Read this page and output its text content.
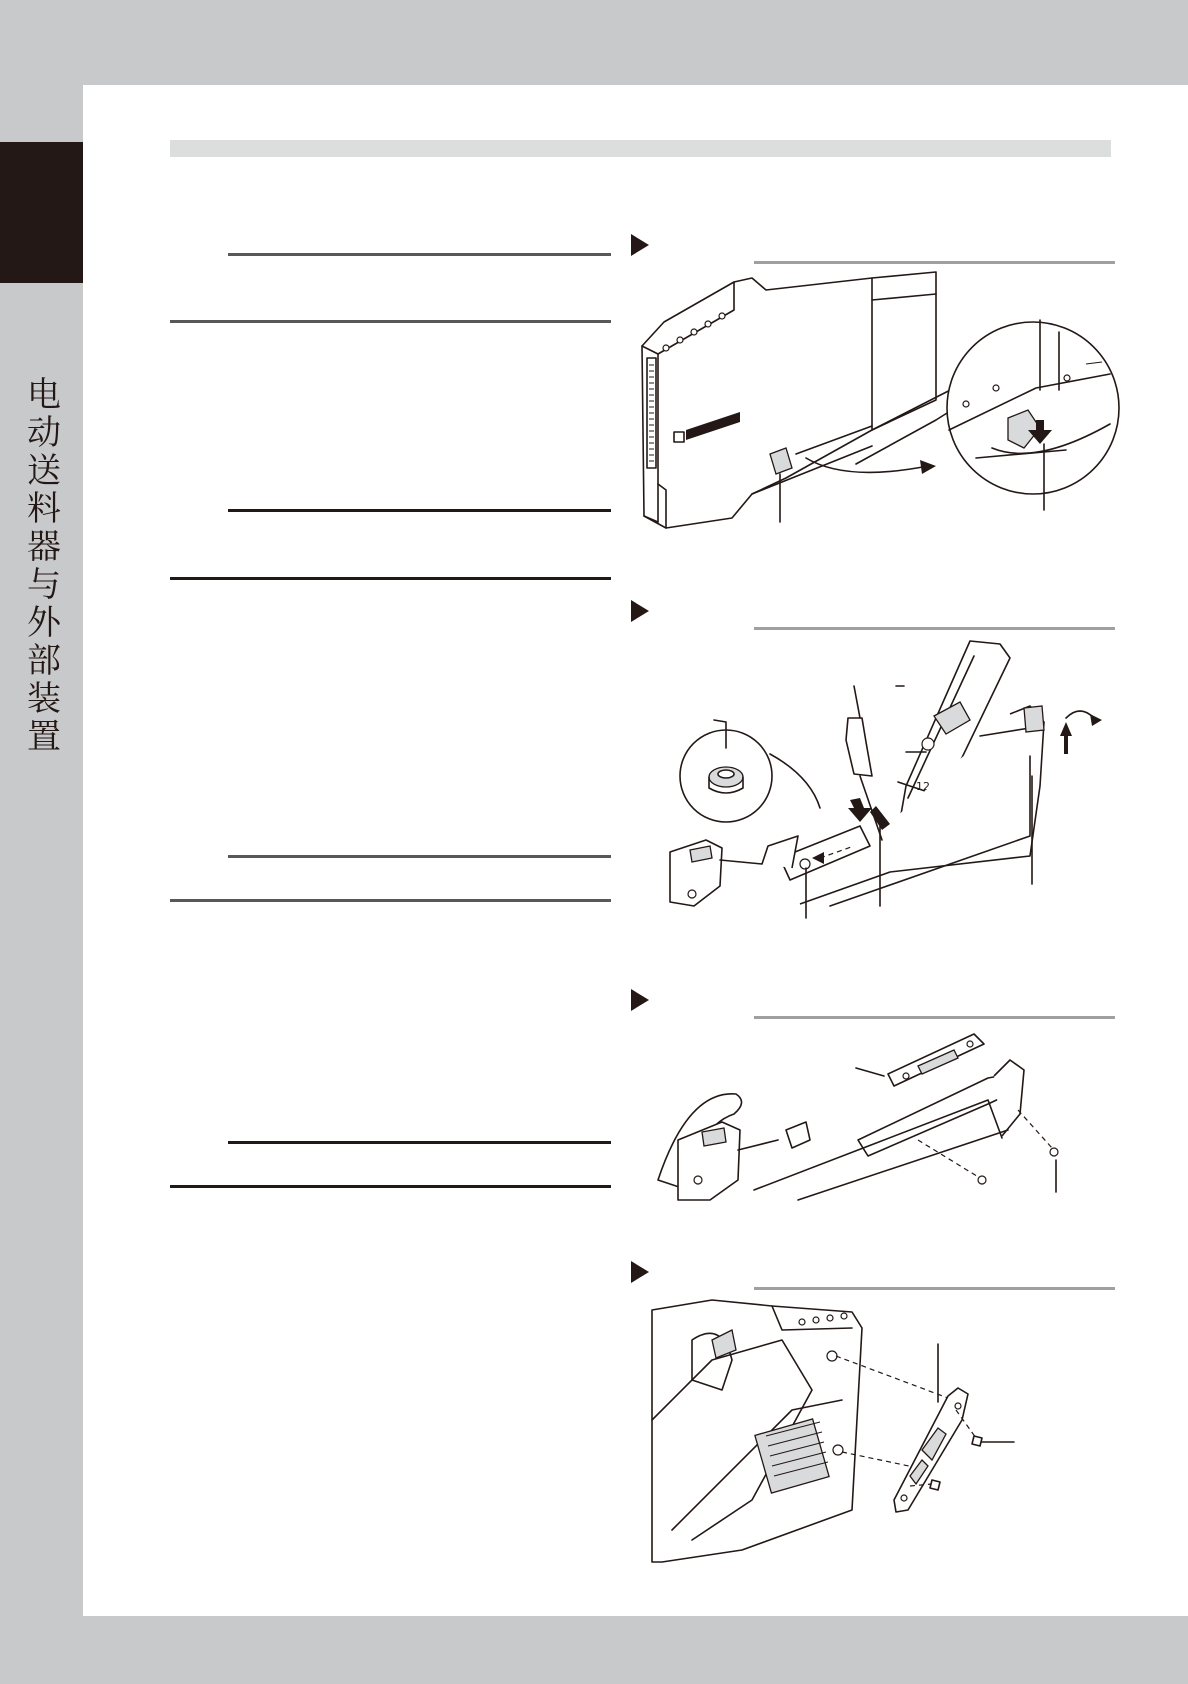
电
动
送
料
器
与
外
部
装
置
12
